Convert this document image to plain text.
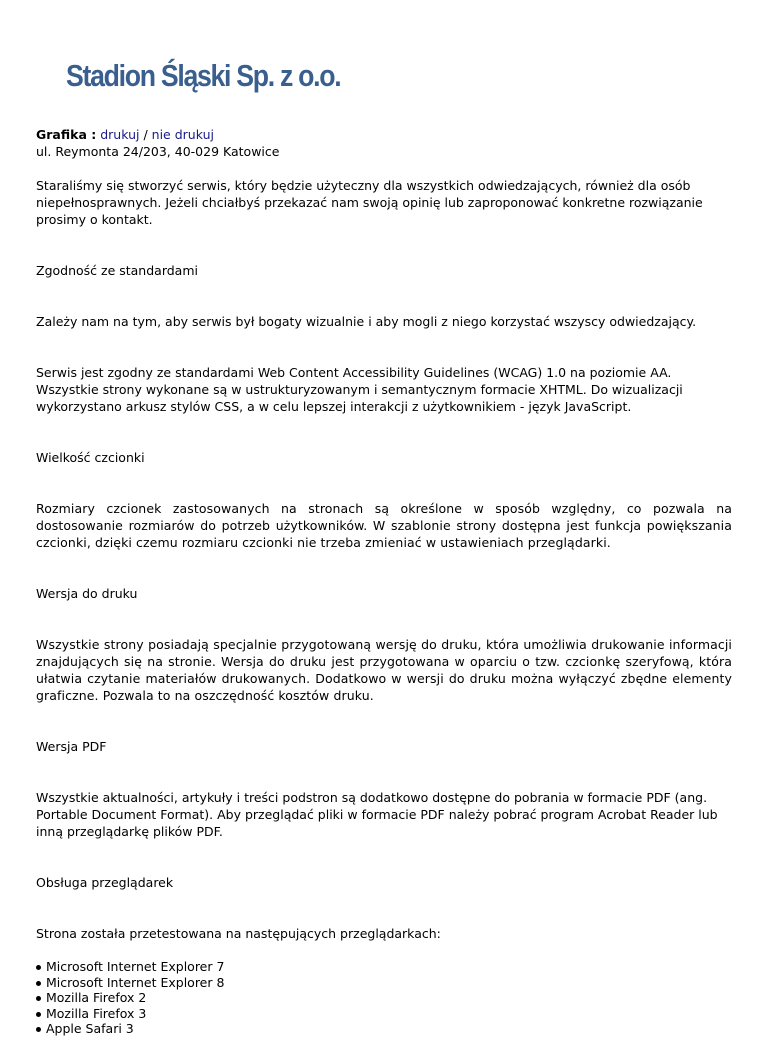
Stadion Śląski Sp. z o.o.

Grafika : drukuj / nie drukuj

ul. Reymonta 24/203, 40-029 Katowice

Staraliśmy się stworzyć serwis, który będzie użyteczny dla wszystkich odwiedzających, również dla osób niepełnosprawnych. Jeżeli chciałbyś przekazać nam swoją opinię lub zaproponować konkretne rozwiązanie prosimy o kontakt.

Zgodność ze standardami

Zależy nam na tym, aby serwis był bogaty wizualnie i aby mogli z niego korzystać wszyscy odwiedzający.

Serwis jest zgodny ze standardami Web Content Accessibility Guidelines (WCAG) 1.0 na poziomie AA. Wszystkie strony wykonane są w ustrukturyzowanym i semantycznym formacie XHTML. Do wizualizacji wykorzystano arkusz stylów CSS, a w celu lepszej interakcji z użytkownikiem - język JavaScript.

Wielkość czcionki

Rozmiary czcionek zastosowanych na stronach są określone w sposób względny, co pozwala na dostosowanie rozmiarów do potrzeb użytkowników. W szablonie strony dostępna jest funkcja powiększania czcionki, dzięki czemu rozmiaru czcionki nie trzeba zmieniać w ustawieniach przeglądarki.

Wersja do druku

Wszystkie strony posiadają specjalnie przygotowaną wersję do druku, która umożliwia drukowanie informacji znajdujących się na stronie. Wersja do druku jest przygotowana w oparciu o tzw. czcionkę szeryfową, która ułatwia czytanie materiałów drukowanych. Dodatkowo w wersji do druku można wyłączyć zbędne elementy graficzne. Pozwala to na oszczędność kosztów druku.

Wersja PDF

Wszystkie aktualności, artykuły i treści podstron są dodatkowo dostępne do pobrania w formacie PDF (ang. Portable Document Format). Aby przeglądać pliki w formacie PDF należy pobrać program Acrobat Reader lub inną przeglądarkę plików PDF.

Obsługa przeglądarek

Strona została przetestowana na następujących przeglądarkach:

Microsoft Internet Explorer 7
Microsoft Internet Explorer 8
Mozilla Firefox 2
Mozilla Firefox 3
Apple Safari 3
